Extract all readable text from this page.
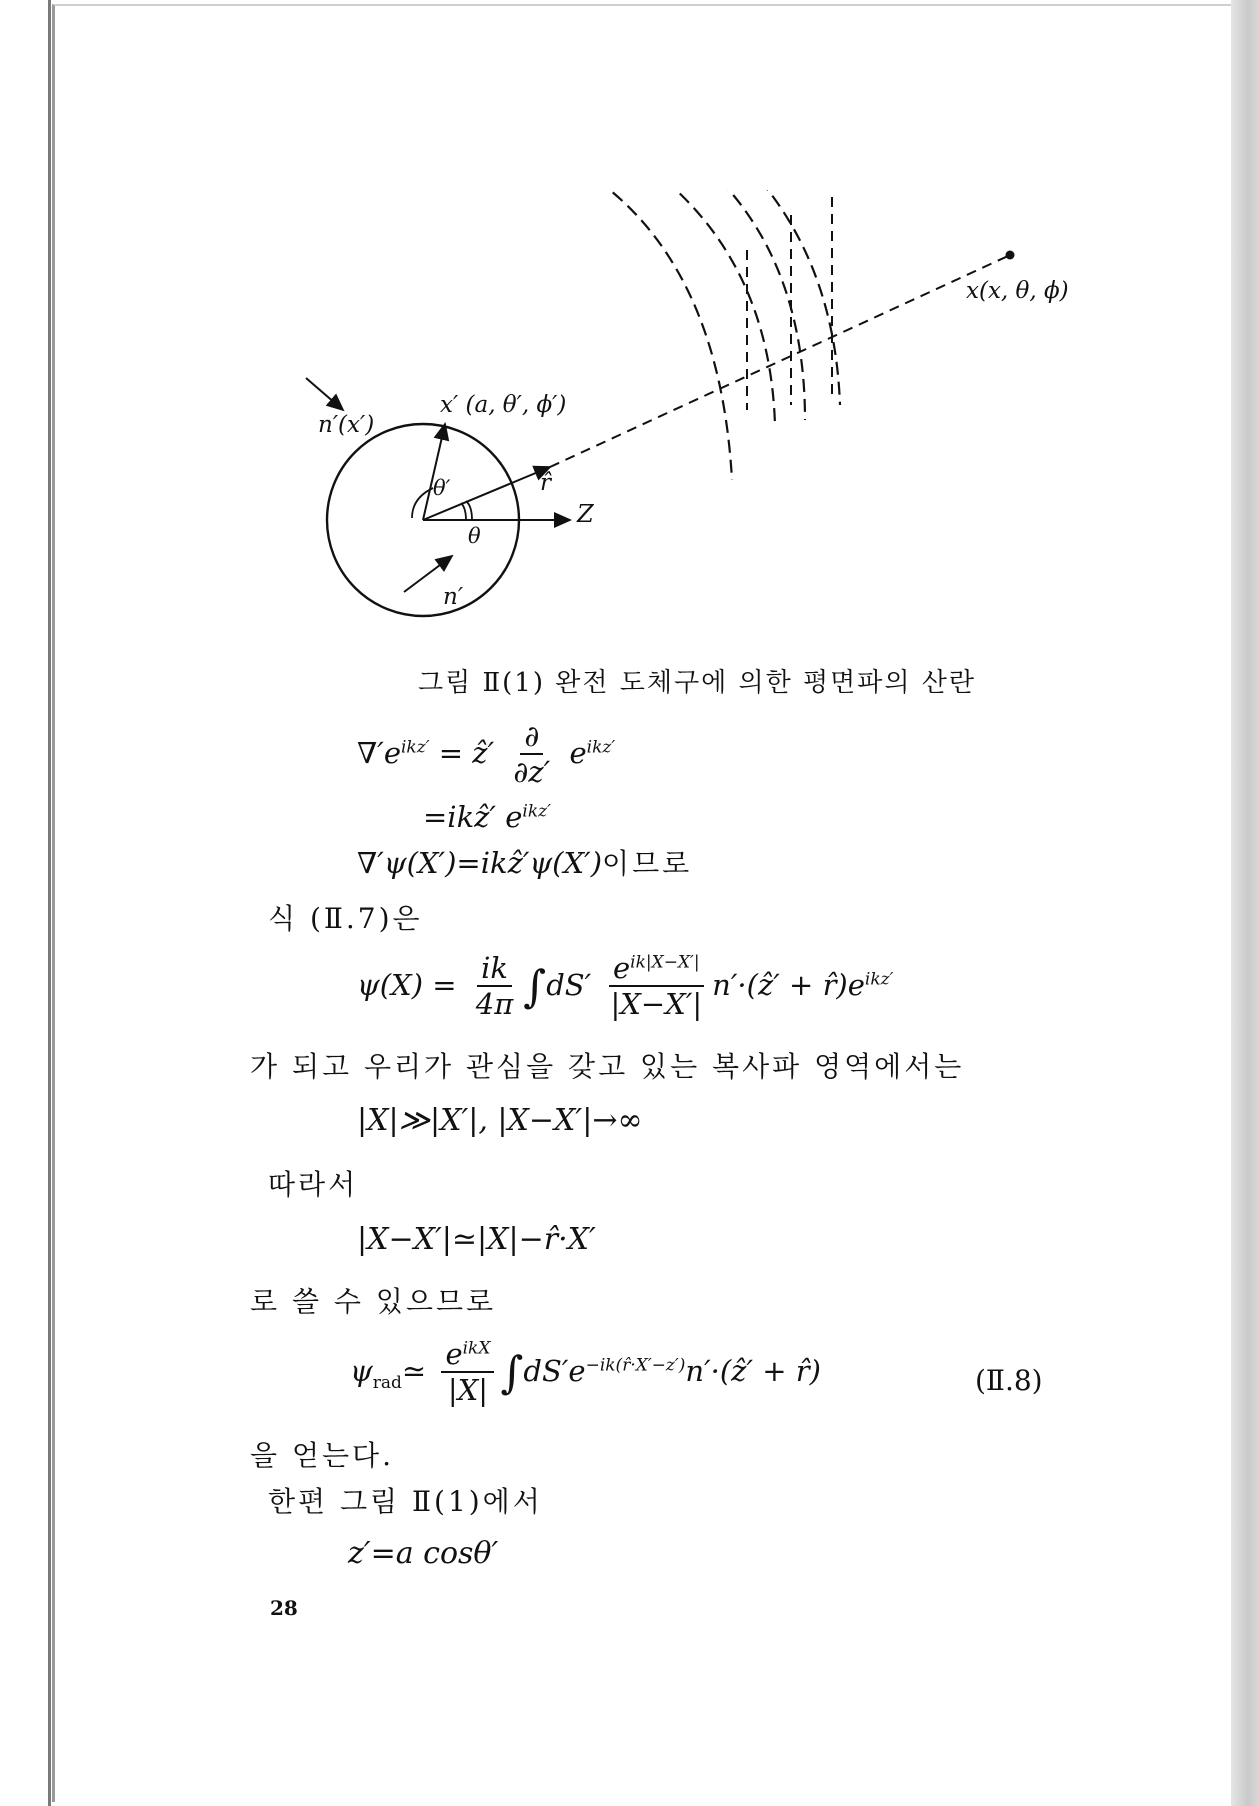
n′(x′)
x′ (a, θ′, ϕ′)
θ′
θ
r̂
Z
n′
x(x, θ, ϕ)
그림 Ⅱ(1) 완전 도체구에 의한 평면파의 산란
$\nabla'e^{ikz'}$ = ẑ′ $\frac{\partial}{\partial z'} e^{ikz'}$
=ikẑ′ $e^{ikz'}$
∇′ψ(X′)=ikẑ′ψ(X′)이므로
식 (Ⅱ.7)은
$\psi(X) = \frac{ik}{4\pi} \int dS' \frac{e^{ik|X-X'|}}{|X-X'|}$ n′·(ẑ′ + $r̂)e^{ikz'}$
가 되고 우리가 관심을 갖고 있는 복사파 영역에서는
|X|≫|X′|, |X−X′|→∞
따라서
|X−X′|≃|X|−r̂·X′
로 쓸 수 있으므로
$\psi_{rad}≃ \frac{e^{ikX}}{|X|}$ $\int dS'e^{-ik(r̂\cdot X'-z')}n'\cdot(ẑ'$ + r̂)	(Ⅱ.8)
을 얻는다.
한편 그림 Ⅱ(1)에서
z′=a cosθ′
28
